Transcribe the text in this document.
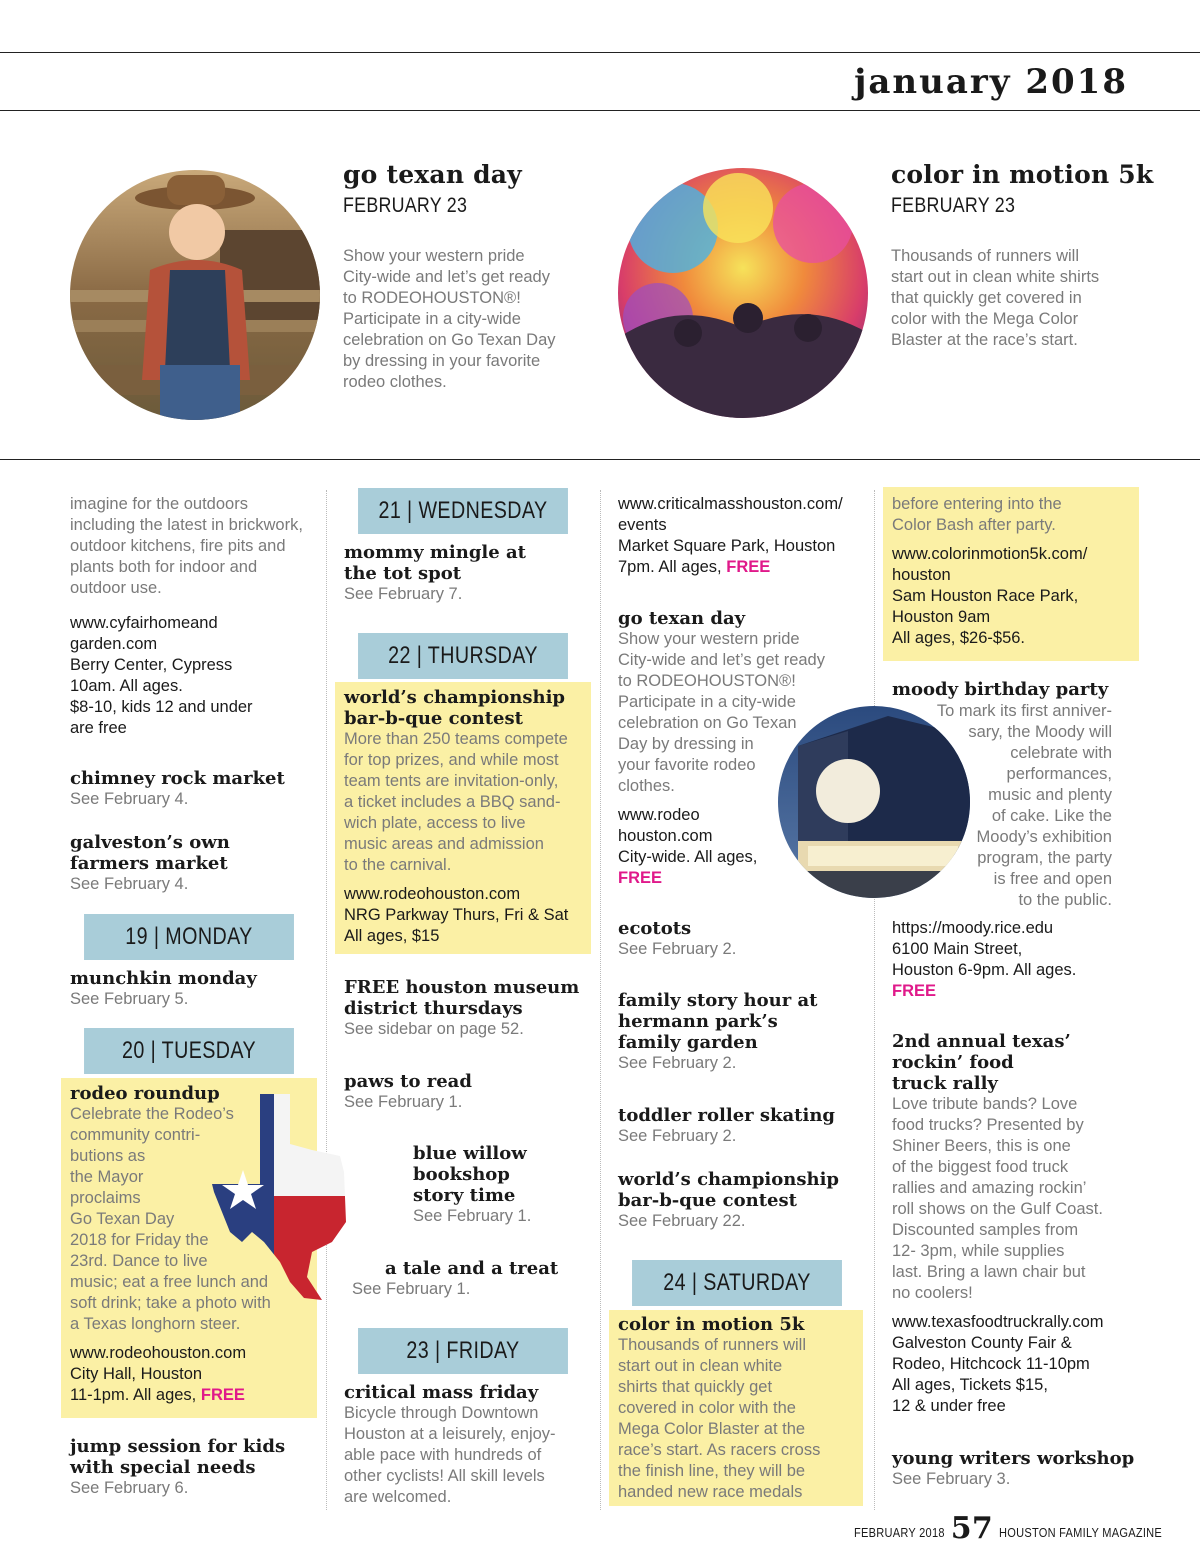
january 2018
go texan day
FEBRUARY 23

Show your western pride

City-wide and let’s get ready

to RODEOHOUSTON®!

Participate in a city-wide

celebration on Go Texan Day

by dressing in your favorite

rodeo clothes.

color in motion 5k
FEBRUARY 23

Thousands of runners will

start out in clean white shirts

that quickly get covered in

color with the Mega Color

Blaster at the race’s start.

imagine for the outdoors

including the latest in brickwork,

outdoor kitchens, fire pits and

plants both for indoor and

outdoor use.

www.cyfairhomeand

garden.com

Berry Center, Cypress

10am. All ages.

$8-10, kids 12 and under

are free

chimney rock market

See February 4.

galveston’s own

farmers market

See February 4.

19 | MONDAY

munchkin monday

See February 5.

20 | TUESDAY

rodeo roundup

Celebrate the Rodeo’s

community contri-

butions as

the Mayor

proclaims

Go Texan Day

2018 for Friday the

23rd. Dance to live

music; eat a free lunch and

soft drink; take a photo with

a Texas longhorn steer.

www.rodeohouston.com

City Hall, Houston

11-1pm. All ages, FREE

jump session for kids

with special needs

See February 6.

21 | WEDNESDAY

mommy mingle at

the tot spot

See February 7.

22 | THURSDAY

world’s championship

bar-b-que contest

More than 250 teams compete

for top prizes, and while most

team tents are invitation-only,

a ticket includes a BBQ sand-

wich plate, access to live

music areas and admission

to the carnival.

www.rodeohouston.com

NRG Parkway Thurs, Fri & Sat

All ages, $15

FREE houston museum

district thursdays

See sidebar on page 52.

paws to read

See February 1.

blue willow

bookshop

story time

See February 1.

a tale and a treat

See February 1.

23 | FRIDAY

critical mass friday

Bicycle through Downtown

Houston at a leisurely, enjoy-

able pace with hundreds of

other cyclists! All skill levels

are welcomed.

www.criticalmasshouston.com/

events

Market Square Park, Houston

7pm. All ages, FREE

go texan day

Show your western pride

City-wide and let’s get ready

to RODEOHOUSTON®!

Participate in a city-wide

celebration on Go Texan

Day by dressing in

your favorite rodeo

clothes.

www.rodeo

houston.com

City-wide. All ages,

FREE

ecotots

See February 2.

family story hour at

hermann park’s

family garden

See February 2.

toddler roller skating

See February 2.

world’s championship

bar-b-que contest

See February 22.

24 | SATURDAY

color in motion 5k

Thousands of runners will

start out in clean white

shirts that quickly get

covered in color with the

Mega Color Blaster at the

race’s start. As racers cross

the finish line, they will be

handed new race medals

before entering into the

Color Bash after party.

www.colorinmotion5k.com/

houston

Sam Houston Race Park,

Houston 9am

All ages, $26-$56.

moody birthday party

To mark its first anniver-

sary, the Moody will

celebrate with

performances,

music and plenty

of cake. Like the

Moody’s exhibition

program, the party

is free and open

to the public.

https://moody.rice.edu

6100 Main Street,

Houston 6-9pm. All ages.

FREE

2nd annual texas’

rockin’ food

truck rally

Love tribute bands? Love

food trucks? Presented by

Shiner Beers, this is one

of the biggest food truck

rallies and amazing rockin’

roll shows on the Gulf Coast.

Discounted samples from

12- 3pm, while supplies

last. Bring a lawn chair but

no coolers!

www.texasfoodtruckrally.com

Galveston County Fair &

Rodeo, Hitchcock 11-10pm

All ages, Tickets $15,

12 & under free

young writers workshop

See February 3.

FEBRUARY 2018 57 HOUSTON FAMILY MAGAZINE
